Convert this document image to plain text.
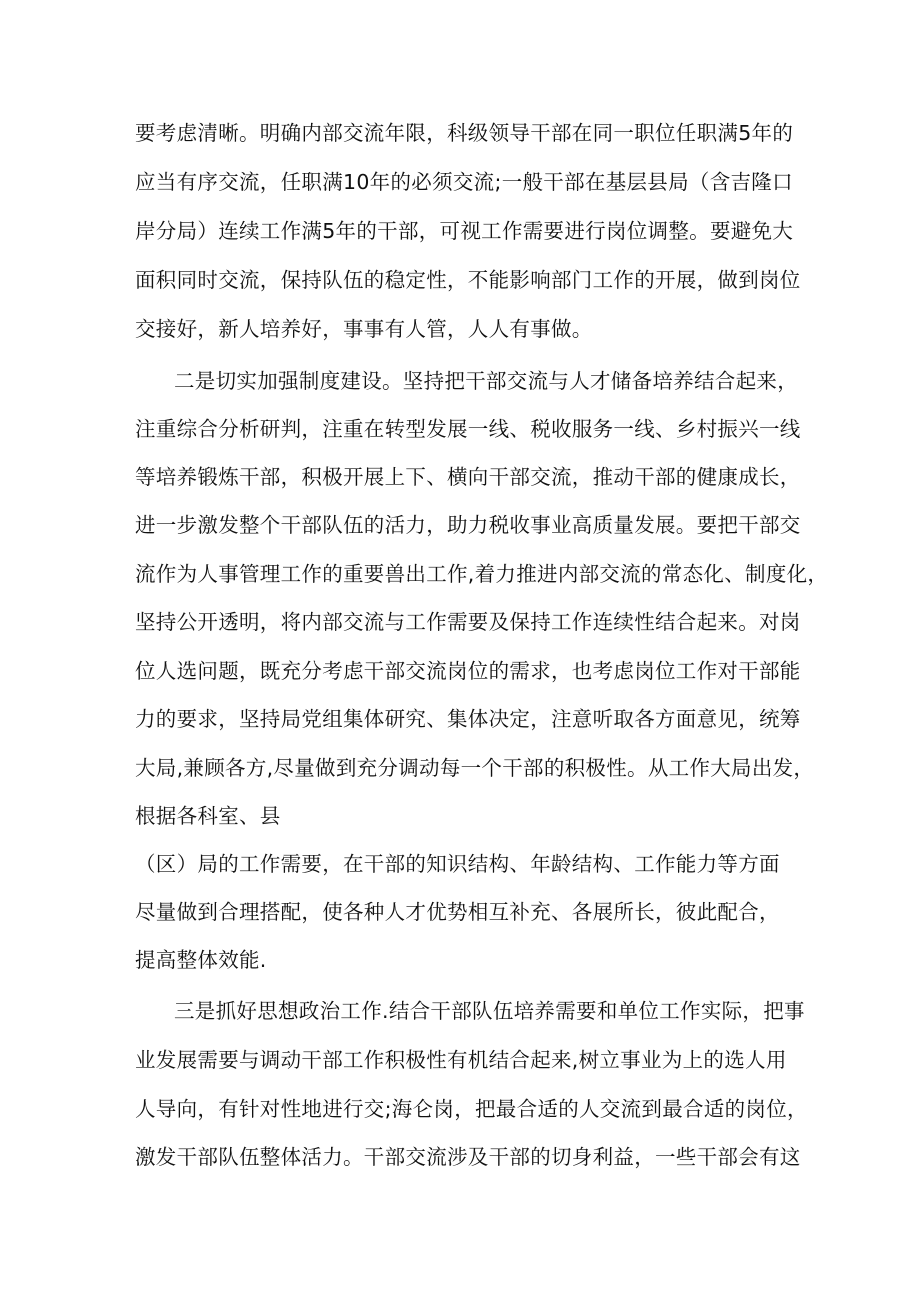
要考虑清晰。明确内部交流年限，科级领导干部在同一职位任职满5年的
应当有序交流，任职满10年的必须交流;一般干部在基层县局（含吉隆口
岸分局）连续工作满5年的干部，可视工作需要进行岗位调整。要避免大
面积同时交流，保持队伍的稳定性，不能影响部门工作的开展，做到岗位
交接好，新人培养好，事事有人管，人人有事做。
二是切实加强制度建设。坚持把干部交流与人才储备培养结合起来，
注重综合分析研判，注重在转型发展一线、税收服务一线、乡村振兴一线
等培养锻炼干部，积极开展上下、横向干部交流，推动干部的健康成长，
进一步激发整个干部队伍的活力，助力税收事业高质量发展。要把干部交
流作为人事管理工作的重要兽出工作,着力推进内部交流的常态化、制度化，
坚持公开透明，将内部交流与工作需要及保持工作连续性结合起来。对岗
位人选问题，既充分考虑干部交流岗位的需求，也考虑岗位工作对干部能
力的要求，坚持局党组集体研究、集体决定，注意听取各方面意见，统筹
大局,兼顾各方,尽量做到充分调动每一个干部的积极性。从工作大局出发，
根据各科室、县
（区）局的工作需要，在干部的知识结构、年龄结构、工作能力等方面
尽量做到合理搭配，使各种人才优势相互补充、各展所长，彼此配合，
提高整体效能.
三是抓好思想政治工作.结合干部队伍培养需要和单位工作实际，把事
业发展需要与调动干部工作积极性有机结合起来,树立事业为上的选人用
人导向，有针对性地进行交;海仑岗，把最合适的人交流到最合适的岗位，
激发干部队伍整体活力。干部交流涉及干部的切身利益，一些干部会有这
